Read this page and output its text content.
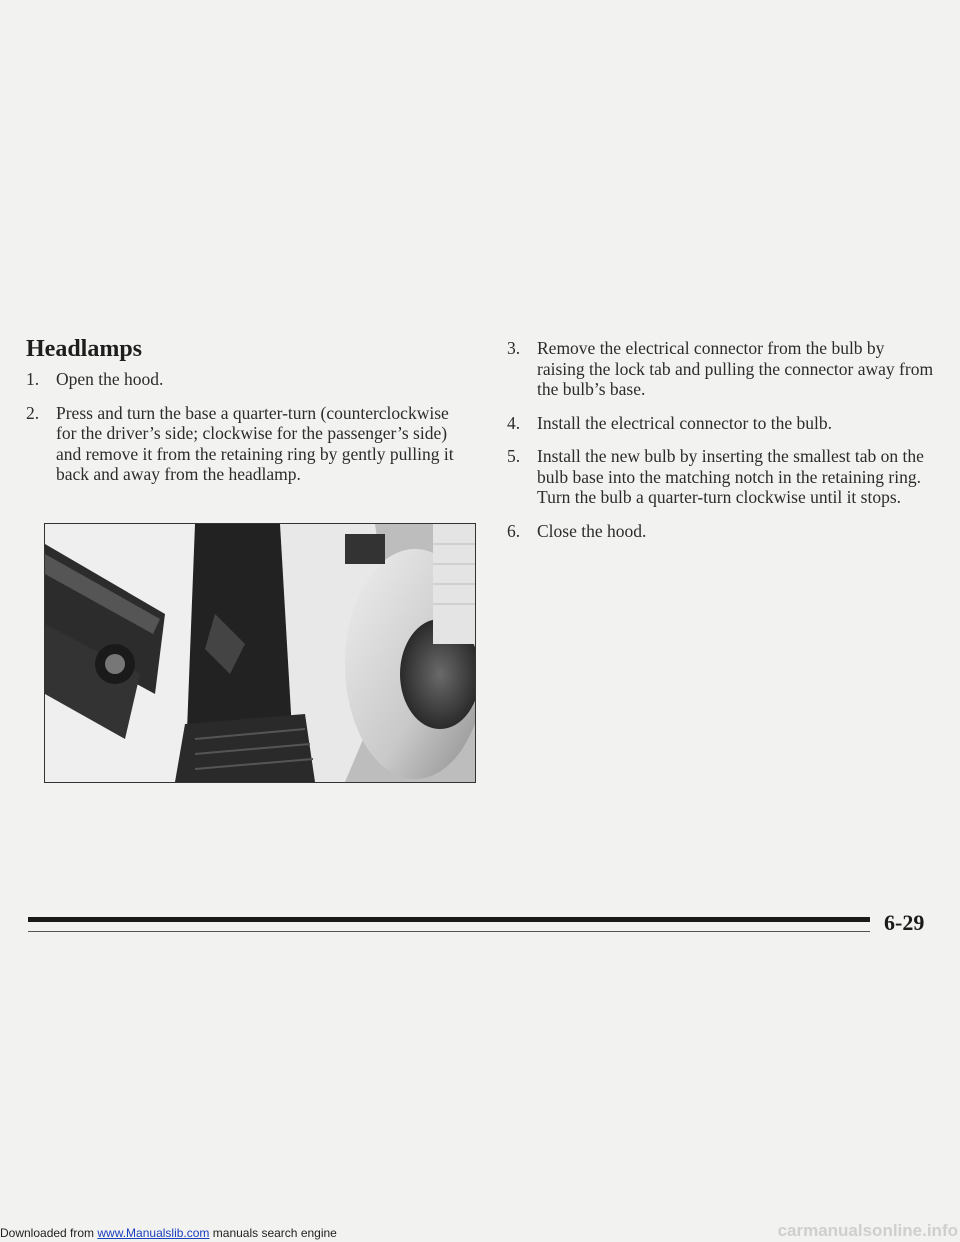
Headlamps
1. Open the hood.
2. Press and turn the base a quarter-turn (counterclockwise for the driver’s side; clockwise for the passenger’s side) and remove it from the retaining ring by gently pulling it back and away from the headlamp.
3. Remove the electrical connector from the bulb by raising the lock tab and pulling the connector away from the bulb’s base.
4. Install the electrical connector to the bulb.
5. Install the new bulb by inserting the smallest tab on the bulb base into the matching notch in the retaining ring. Turn the bulb a quarter-turn clockwise until it stops.
6. Close the hood.
6-29
Downloaded from www.Manualslib.com manuals search engine	carmanualsonline.info
